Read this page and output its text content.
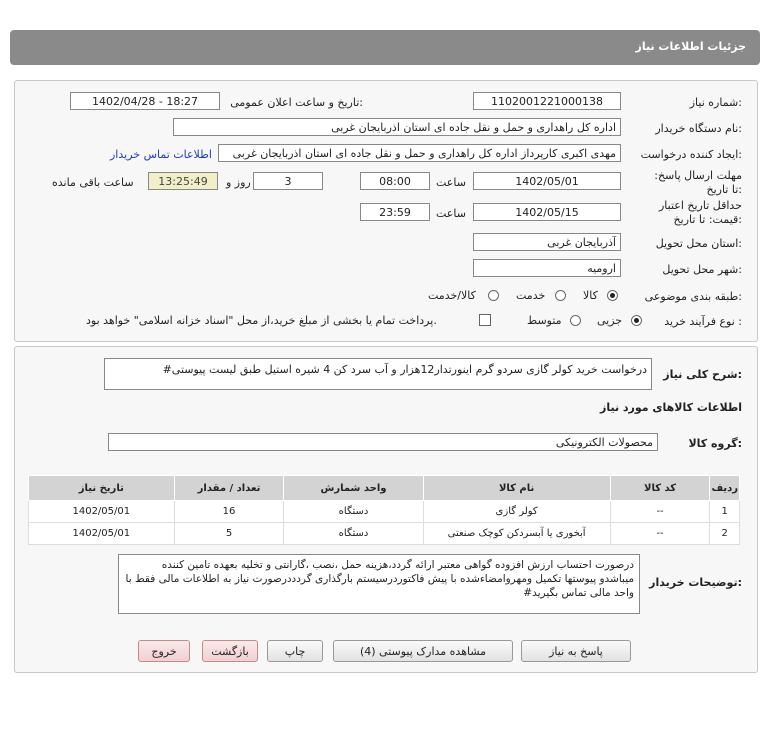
جزئیات اطلاعات نیاز
شماره نیاز:
1102001221000138
تاریخ و ساعت اعلان عمومی:
1402/04/28 - 18:27
نام دستگاه خریدار:
اداره کل راهداری و حمل و نقل جاده ای استان اذربایجان غربی
ایجاد کننده درخواست:
مهدی اکبری کارپرداز اداره کل راهداری و حمل و نقل جاده ای استان اذربایجان غربی
اطلاعات تماس خریدار
مهلت ارسال پاسخ: تا تاریخ:
1402/05/01
ساعت
08:00
3
روز و
13:25:49
ساعت باقی مانده
حداقل تاریخ اعتبار قیمت: تا تاریخ:
1402/05/15
ساعت
23:59
استان محل تحویل:
آذربایجان غربی
شهر محل تحویل:
ارومیه
طبقه بندی موضوعی:
کالا
خدمت
کالا/خدمت
نوع فرآیند خرید :
جزیی
متوسط
پرداخت تمام یا بخشی از مبلغ خرید،از محل "اسناد خزانه اسلامی" خواهد بود.
شرح کلی نیاز:
درخواست خرید کولر گازی سردو گرم اینورتدار12هزار و آب سرد کن 4 شیره استیل طبق لیست پیوستی#
اطلاعات کالاهای مورد نیاز
گروه کالا:
محصولات الکترونیکی
ردیف	کد کالا	نام کالا	واحد شمارش	تعداد / مقدار	تاریخ نیاز
1	--	کولر گازی	دستگاه	16	1402/05/01
2	--	آبخوری یا آبسردکن کوچک صنعتی	دستگاه	5	1402/05/01
توضیحات خریدار:
درصورت احتساب ارزش افزوده گواهی معتبر ارائه گردد،هزینه حمل ،نصب ،گارانتی و تخلیه بعهده تامین کننده میباشدو پیوستها تکمیل ومهروامضاءشده با پیش فاکتوردرسیستم بارگذاری گردددرصورت نیاز به اطلاعات مالی فقط با واحد مالی تماس بگیرید#
پاسخ به نیاز
مشاهده مدارک پیوستی (4)
چاپ
بازگشت
خروج
